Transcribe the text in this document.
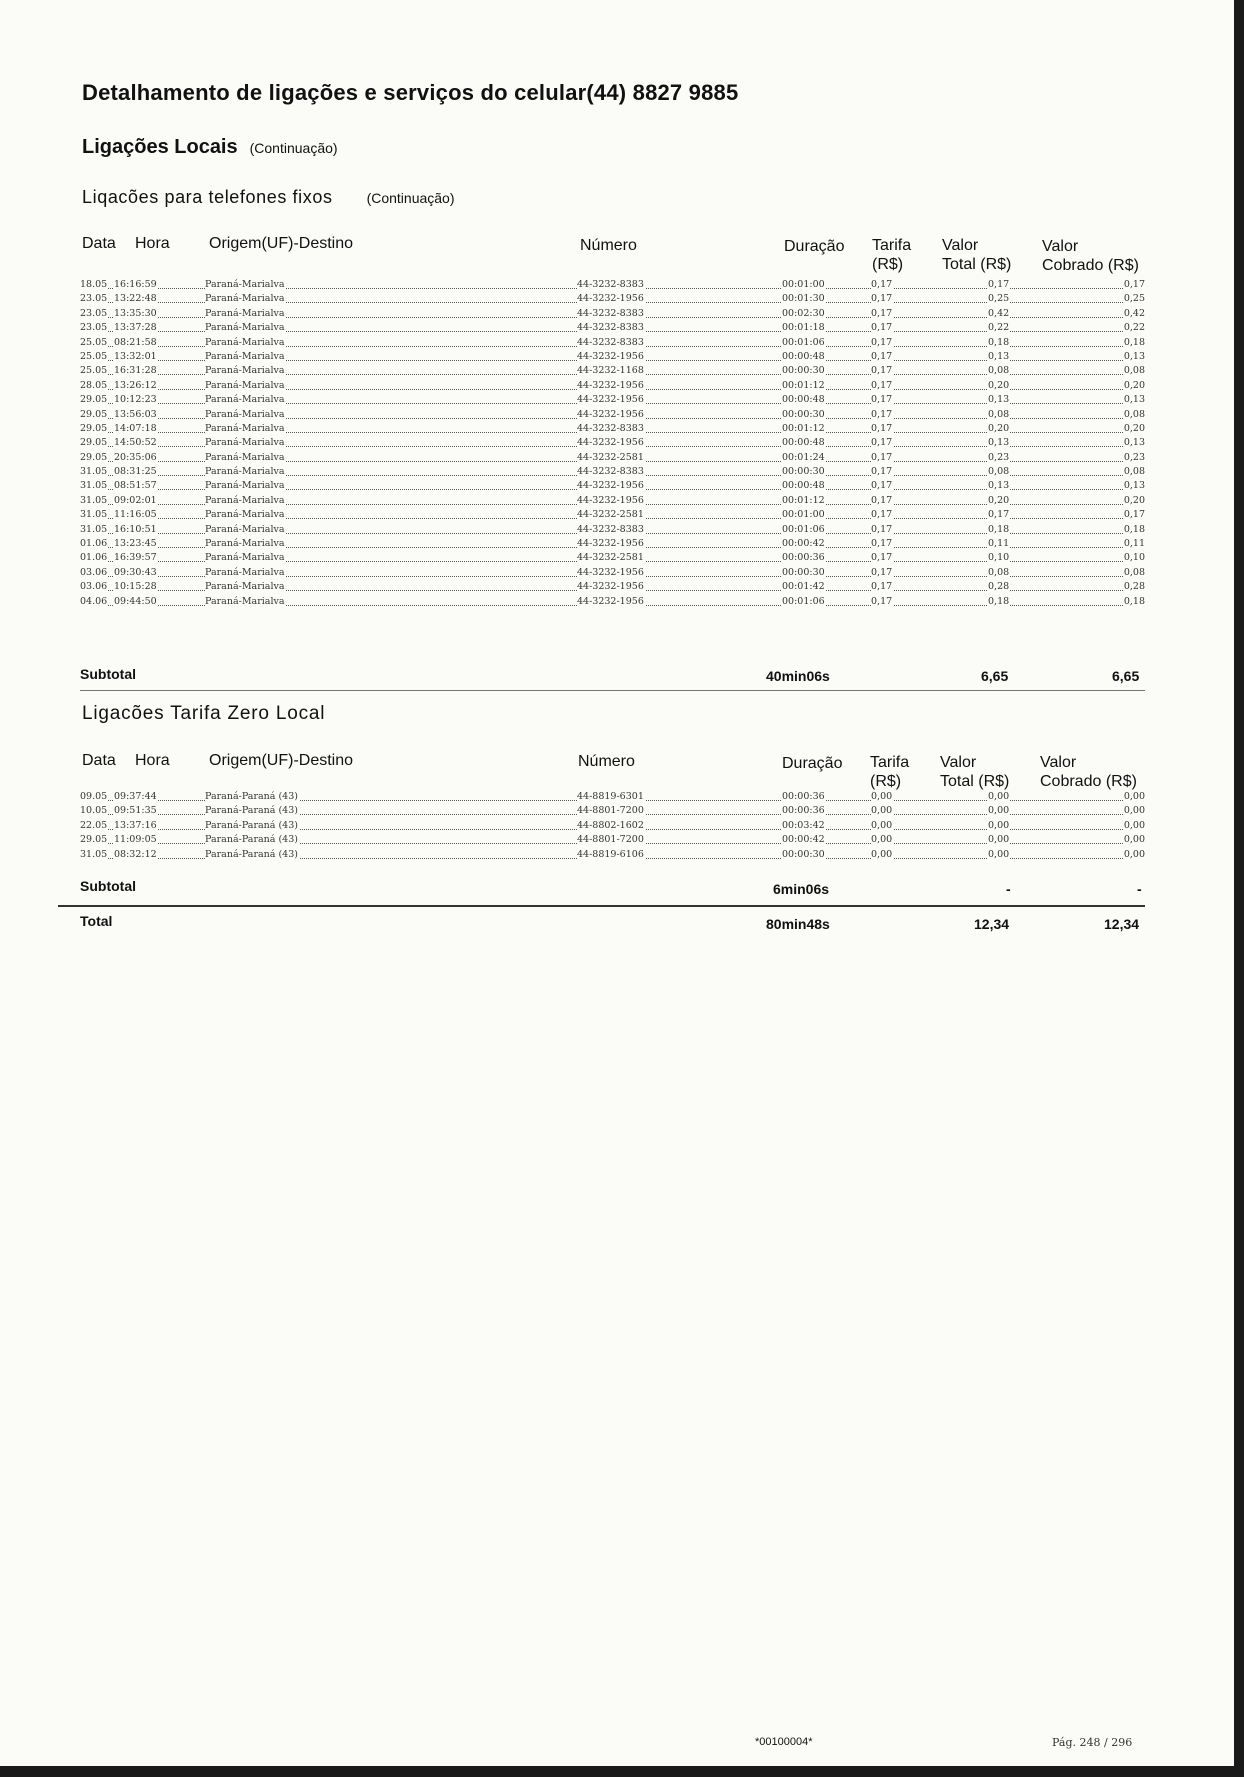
Detalhamento de ligações e serviços do celular(44) 8827 9885
Ligações Locais (Continuação)
Liqacões para telefones fixos (Continuação)
Data Hora Origem(UF)-Destino	Número	Duração Tarifa
(R$)
Valor
Total (R$)
Valor
Cobrado (R$)
18.05 16:16:59	Paraná-Marialva	44-3232-8383	00:01:00	0,17	0,17	0,17
23.05 13:22:48	Paraná-Marialva	44-3232-1956	00:01:30	0,17	0,25	0,25
23.05 13:35:30	Paraná-Marialva	44-3232-8383	00:02:30	0,17	0,42	0,42
23.05 13:37:28	Paraná-Marialva	44-3232-8383	00:01:18	0,17	0,22	0,22
25.05 08:21:58	Paraná-Marialva	44-3232-8383	00:01:06	0,17	0,18	0,18
25.05 13:32:01	Paraná-Marialva	44-3232-1956	00:00:48	0,17	0,13	0,13
25.05 16:31:28	Paraná-Marialva	44-3232-1168	00:00:30	0,17	0,08	0,08
28.05 13:26:12	Paraná-Marialva	44-3232-1956	00:01:12	0,17	0,20	0,20
29.05 10:12:23	Paraná-Marialva	44-3232-1956	00:00:48	0,17	0,13	0,13
29.05 13:56:03	Paraná-Marialva	44-3232-1956	00:00:30	0,17	0,08	0,08
29.05 14:07:18	Paraná-Marialva	44-3232-8383	00:01:12	0,17	0,20	0,20
29.05 14:50:52	Paraná-Marialva	44-3232-1956	00:00:48	0,17	0,13	0,13
29.05 20:35:06	Paraná-Marialva	44-3232-2581	00:01:24	0,17	0,23	0,23
31.05 08:31:25	Paraná-Marialva	44-3232-8383	00:00:30	0,17	0,08	0,08
31.05 08:51:57	Paraná-Marialva	44-3232-1956	00:00:48	0,17	0,13	0,13
31.05 09:02:01	Paraná-Marialva	44-3232-1956	00:01:12	0,17	0,20	0,20
31.05 11:16:05	Paraná-Marialva	44-3232-2581	00:01:00	0,17	0,17	0,17
31.05 16:10:51	Paraná-Marialva	44-3232-8383	00:01:06	0,17	0,18	0,18
01.06 13:23:45	Paraná-Marialva	44-3232-1956	00:00:42	0,17	0,11	0,11
01.06 16:39:57	Paraná-Marialva	44-3232-2581	00:00:36	0,17	0,10	0,10
03.06 09:30:43	Paraná-Marialva	44-3232-1956	00:00:30	0,17	0,08	0,08
03.06 10:15:28	Paraná-Marialva	44-3232-1956	00:01:42	0,17	0,28	0,28
04.06 09:44:50	Paraná-Marialva	44-3232-1956	00:01:06	0,17	0,18	0,18
Subtotal	40min06s	6,65	6,65
Ligacões Tarifa Zero Local
Data Hora Origem(UF)-Destino	Número	Duração Tarifa
(R$)
Valor
Total (R$)
Valor
Cobrado (R$)
09.05 09:37:44	Paraná-Paraná (43)	44-8819-6301	00:00:36	0,00	0,00	0,00
10.05 09:51:35	Paraná-Paraná (43)	44-8801-7200	00:00:36	0,00	0,00	0,00
22.05 13:37:16	Paraná-Paraná (43)	44-8802-1602	00:03:42	0,00	0,00	0,00
29.05 11:09:05	Paraná-Paraná (43)	44-8801-7200	00:00:42	0,00	0,00	0,00
31.05 08:32:12	Paraná-Paraná (43)	44-8819-6106	00:00:30	0,00	0,00	0,00
Subtotal	6min06s	-	-
Total	80min48s	12,34	12,34
*00100004*	Pág. 248 / 296
